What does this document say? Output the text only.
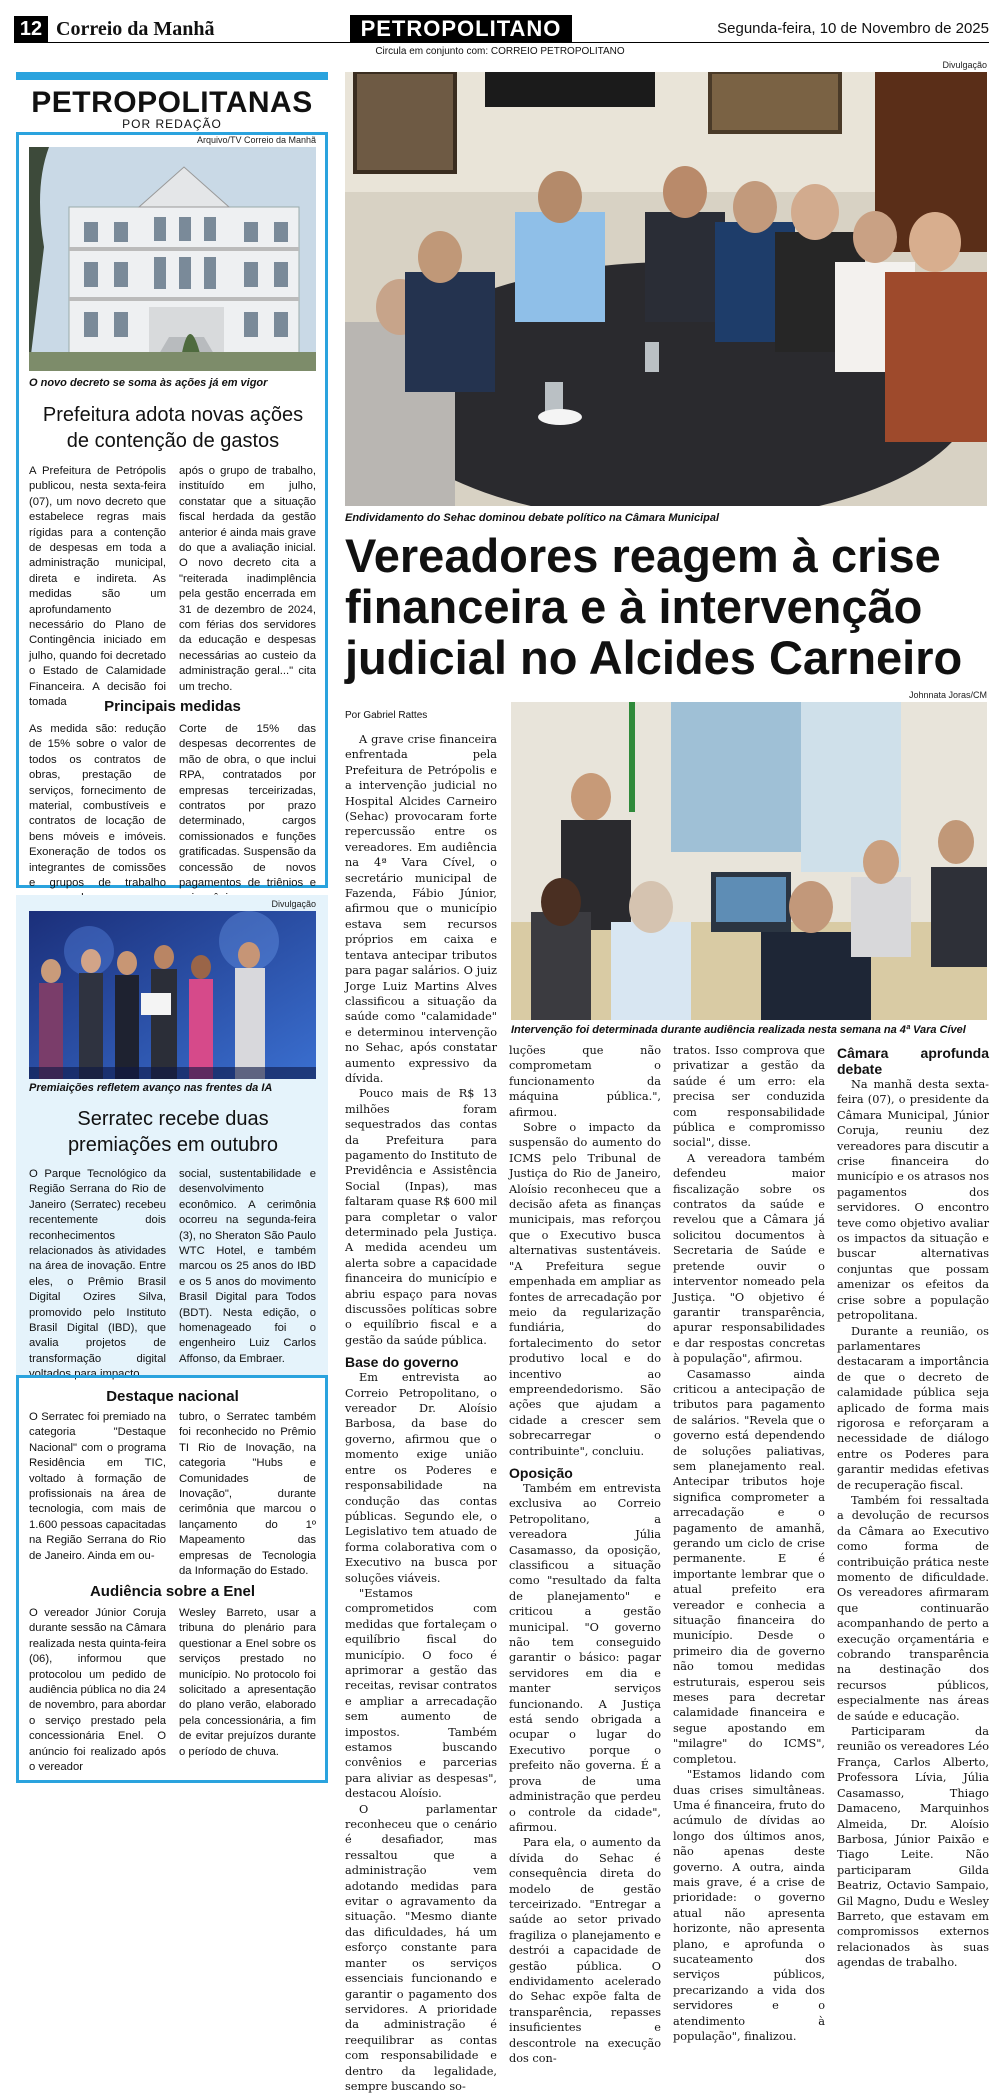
12 Correio da Manhã	PETROPOLITANO	Segunda-feira, 10 de Novembro de 2025
Circula em conjunto com: CORREIO PETROPOLITANO
PETROPOLITANAS
POR REDAÇÃO
Arquivo/TV Correio da Manhã
O novo decreto se soma às ações já em vigor
Prefeitura adota novas ações de contenção de gastos
A Prefeitura de Petrópolis publicou, nesta sexta-feira (07), um novo decreto que estabelece regras mais rígidas para a contenção de despesas em toda a administração municipal, direta e indireta. As medidas são um aprofundamento necessário do Plano de Contingência iniciado em julho, quando foi decretado o Estado de Calamidade Financeira. A decisão foi tomada
após o grupo de trabalho, instituído em julho, constatar que a situação fiscal herdada da gestão anterior é ainda mais grave do que a avaliação inicial. O novo decreto cita a "reiterada inadimplência pela gestão encerrada em 31 de dezembro de 2024, com férias dos servidores da educação e despesas necessárias ao custeio da administração geral..." cita um trecho.
Principais medidas
As medida são: redução de 15% sobre o valor de todos os contratos de obras, prestação de serviços, fornecimento de material, combustíveis e contratos de locação de bens móveis e imóveis. Exoneração de todos os integrantes de comissões e grupos de trabalho
Corte de 15% das despesas decorrentes de mão de obra, o que inclui RPA, contratados por empresas terceirizadas, contratos por prazo determinado, cargos comissionados e funções gratificadas. Suspensão da concessão de novos pagamentos de triênios e
Divulgação
Premiaições refletem avanço nas frentes da IA
Serratec recebe duas premiações em outubro
O Parque Tecnológico da Região Serrana do Rio de Janeiro (Serratec) recebeu recentemente dois reconhecimentos relacionados às atividades na área de inovação. Entre eles, o Prêmio Brasil Digital Ozires Silva, promovido pelo Instituto Brasil Digital (IBD), que avalia projetos de transformação digital voltados para impacto
social, sustentabilidade e desenvolvimento econômico. A cerimônia ocorreu na segunda-feira (3), no Sheraton São Paulo WTC Hotel, e também marcou os 25 anos do IBD e os 5 anos do movimento Brasil Digital para Todos (BDT). Nesta edição, o homenageado foi o engenheiro Luiz Carlos Affonso, da Embraer.
Destaque nacional
O Serratec foi premiado na categoria "Destaque Nacional" com o programa Residência em TIC, voltado à formação de profissionais na área de tecnologia, com mais de 1.600 pessoas capacitadas na Região Serrana do Rio de Janeiro. Ainda em ou-
tubro, o Serratec também foi reconhecido no Prêmio TI Rio de Inovação, na categoria "Hubs e Comunidades de Inovação", durante cerimônia que marcou o lançamento do 1º Mapeamento das empresas de Tecnologia da Informação do Estado.
Audiência sobre a Enel
O vereador Júnior Coruja durante sessão na Câmara realizada nesta quinta-feira (06), informou que protocolou um pedido de audiência pública no dia 24 de novembro, para abordar o serviço prestado pela concessionária Enel. O anúncio foi realizado após o vereador
Wesley Barreto, usar a tribuna do plenário para questionar a Enel sobre os serviços prestado no município. No protocolo foi solicitado a apresentação do plano verão, elaborado pela concessionária, a fim de evitar prejuízos durante o período de chuva.
Divulgação
Endividamento do Sehac dominou debate político na Câmara Municipal
Vereadores reagem à crise financeira e à intervenção judicial no Alcides Carneiro
Por Gabriel Rattes
Johnnata Joras/CM
Intervenção foi determinada durante audiência realizada nesta semana na 4ª Vara Cível

A grave crise financeira enfrentada pela Prefeitura de Petrópolis e a intervenção judicial no Hospital Alcides Carneiro (Sehac) provocaram forte repercussão entre os vereadores. Em audiência na 4ª Vara Cível, o secretário municipal de Fazenda, Fábio Júnior, afirmou que o município estava sem recursos próprios em caixa e tentava antecipar tributos para pagar salários. O juiz Jorge Luiz Martins Alves classificou a situação da saúde como "calamidade" e determinou intervenção no Sehac, após constatar aumento expressivo da dívida.

Pouco mais de R$ 13 milhões foram sequestrados das contas da Prefeitura para pagamento do Instituto de Previdência e Assistência Social (Inpas), mas faltaram quase R$ 600 mil para completar o valor determinado pela Justiça. A medida acendeu um alerta sobre a capacidade financeira do município e abriu espaço para novas discussões políticas sobre o equilíbrio fiscal e a gestão da saúde pública.

Base do governo

Em entrevista ao Correio Petropolitano, o vereador Dr. Aloísio Barbosa, da base do governo, afirmou que o momento exige união entre os Poderes e responsabilidade na condução das contas públicas. Segundo ele, o Legislativo tem atuado de forma colaborativa com o Executivo na busca por soluções viáveis.

"Estamos comprometidos com medidas que fortaleçam o equilíbrio fiscal do município. O foco é aprimorar a gestão das receitas, revisar contratos e ampliar a arrecadação sem aumento de impostos. Também estamos buscando convênios e parcerias para aliviar as despesas", destacou Aloísio.

O parlamentar reconheceu que o cenário é desafiador, mas ressaltou que a administração vem adotando medidas para evitar o agravamento da situação. "Mesmo diante das dificuldades, há um esforço constante para manter os serviços essenciais funcionando e garantir o pagamento dos servidores. A prioridade da administração é reequilibrar as contas com responsabilidade e dentro da legalidade, sempre buscando so-

luções que não comprometam o funcionamento da máquina pública.", afirmou.

Sobre o impacto da suspensão do aumento do ICMS pelo Tribunal de Justiça do Rio de Janeiro, Aloísio reconheceu que a decisão afeta as finanças municipais, mas reforçou que o Executivo busca alternativas sustentáveis. "A Prefeitura segue empenhada em ampliar as fontes de arrecadação por meio da regularização fundiária, do fortalecimento do setor produtivo local e do incentivo ao empreendedorismo. São ações que ajudam a cidade a crescer sem sobrecarregar o contribuinte", concluiu.

Oposição

Também em entrevista exclusiva ao Correio Petropolitano, a vereadora Júlia Casamasso, da oposição, classificou a situação como "resultado da falta de planejamento" e criticou a gestão municipal. "O governo não tem conseguido garantir o básico: pagar servidores em dia e manter serviços funcionando. A Justiça está sendo obrigada a ocupar o lugar do Executivo porque o prefeito não governa. É a prova de uma administração que perdeu o controle da cidade", afirmou.

Para ela, o aumento da dívida do Sehac é consequência direta do modelo de gestão terceirizado. "Entregar a saúde ao setor privado fragiliza o planejamento e destrói a capacidade de gestão pública. O endividamento acelerado do Sehac expõe falta de transparência, repasses insuficientes e descontrole na execução dos con-

tratos. Isso comprova que privatizar a gestão da saúde é um erro: ela precisa ser conduzida com responsabilidade pública e compromisso social", disse.

A vereadora também defendeu maior fiscalização sobre os contratos da saúde e revelou que a Câmara já solicitou documentos à Secretaria de Saúde e pretende ouvir o interventor nomeado pela Justiça. "O objetivo é garantir transparência, apurar responsabilidades e dar respostas concretas à população", afirmou.

Casamasso ainda criticou a antecipação de tributos para pagamento de salários. "Revela que o governo está dependendo de soluções paliativas, sem planejamento real. Antecipar tributos hoje significa comprometer a arrecadação e o pagamento de amanhã, gerando um ciclo de crise permanente. E é importante lembrar que o atual prefeito era vereador e conhecia a situação financeira do município. Desde o primeiro dia de governo não tomou medidas estruturais, esperou seis meses para decretar calamidade financeira e segue apostando em "milagre" do ICMS", completou.

"Estamos lidando com duas crises simultâneas. Uma é financeira, fruto do acúmulo de dívidas ao longo dos últimos anos, não apenas deste governo. A outra, ainda mais grave, é a crise de prioridade: o governo atual não apresenta horizonte, não apresenta plano, e aprofunda o sucateamento dos serviços públicos, precarizando a vida dos servidores e o atendimento à população", finalizou.

Câmara aprofunda debate

Na manhã desta sexta-feira (07), o presidente da Câmara Municipal, Júnior Coruja, reuniu dez vereadores para discutir a crise financeira do município e os atrasos nos pagamentos dos servidores. O encontro teve como objetivo avaliar os impactos da situação e buscar alternativas conjuntas que possam amenizar os efeitos da crise sobre a população petropolitana.

Durante a reunião, os parlamentares destacaram a importância de que o decreto de calamidade pública seja aplicado de forma mais rigorosa e reforçaram a necessidade de diálogo entre os Poderes para garantir medidas efetivas de recuperação fiscal.

Também foi ressaltada a devolução de recursos da Câmara ao Executivo como forma de contribuição prática neste momento de dificuldade. Os vereadores afirmaram que continuarão acompanhando de perto a execução orçamentária e cobrando transparência na destinação dos recursos públicos, especialmente nas áreas de saúde e educação.

Participaram da reunião os vereadores Léo França, Carlos Alberto, Professora Lívia, Júlia Casamasso, Thiago Damaceno, Marquinhos Almeida, Dr. Aloísio Barbosa, Júnior Paixão e Tiago Leite. Não participaram Gilda Beatriz, Octavio Sampaio, Gil Magno, Dudu e Wesley Barreto, que estavam em compromissos externos relacionados às suas agendas de trabalho.
